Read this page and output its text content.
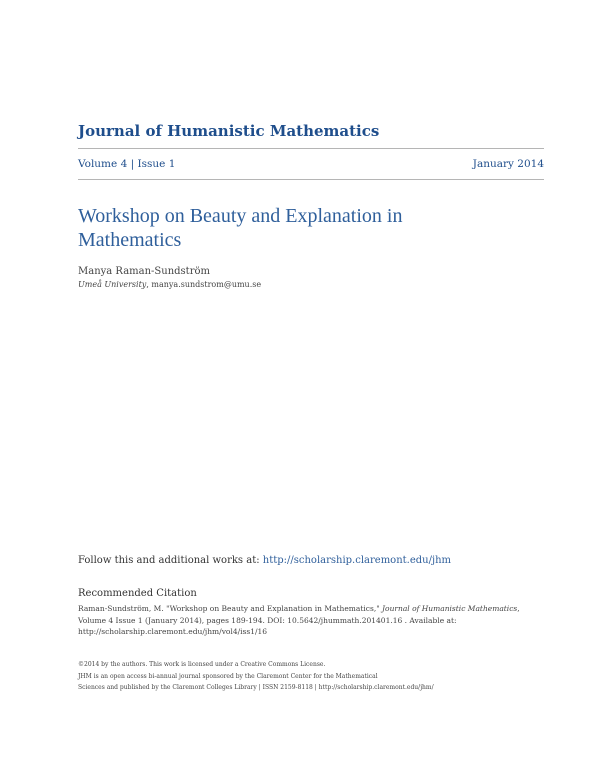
Journal of Humanistic Mathematics
Volume 4 | Issue 1	January 2014
Workshop on Beauty and Explanation in Mathematics
Manya Raman-Sundström
Umeå University, manya.sundstrom@umu.se
Follow this and additional works at: http://scholarship.claremont.edu/jhm
Recommended Citation
Raman-Sundström, M. "Workshop on Beauty and Explanation in Mathematics," Journal of Humanistic Mathematics, Volume 4 Issue 1 (January 2014), pages 189-194. DOI: 10.5642/jhummath.201401.16 . Available at: http://scholarship.claremont.edu/jhm/vol4/iss1/16
©2014 by the authors. This work is licensed under a Creative Commons License.
JHM is an open access bi-annual journal sponsored by the Claremont Center for the Mathematical
Sciences and published by the Claremont Colleges Library | ISSN 2159-8118 | http://scholarship.claremont.edu/jhm/
